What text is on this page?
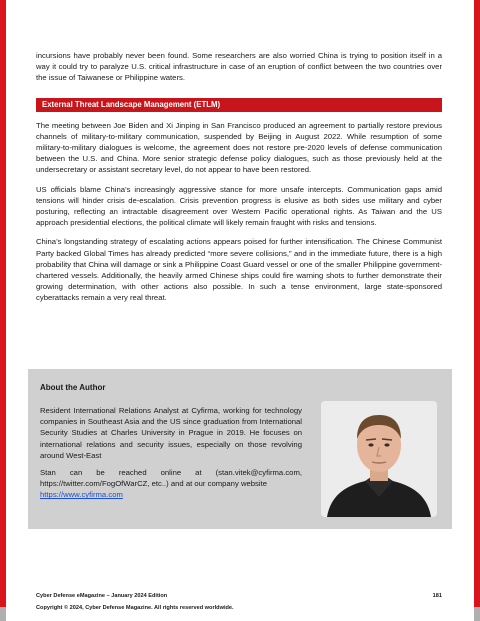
incursions have probably never been found. Some researchers are also worried China is trying to position itself in a way it could try to paralyze U.S. critical infrastructure in case of an eruption of conflict between the two countries over the issue of Taiwanese or Philippine waters.

External Threat Landscape Management (ETLM)

The meeting between Joe Biden and Xi Jinping in San Francisco produced an agreement to partially restore previous channels of military-to-military communication, suspended by Beijing in August 2022. While resumption of some military-to-military dialogues is welcome, the agreement does not restore pre-2020 levels of defense communication between the U.S. and China. More senior strategic defense policy dialogues, such as those previously held at the undersecretary or assistant secretary level, do not appear to have been restored.

US officials blame China’s increasingly aggressive stance for more unsafe intercepts. Communication gaps amid tensions will hinder crisis de-escalation. Crisis prevention progress is elusive as both sides use military and cyber posturing, reflecting an intractable disagreement over Western Pacific operational rights. As Taiwan and the US approach presidential elections, the political climate will likely remain fraught with risks and tensions.

China’s longstanding strategy of escalating actions appears poised for further intensification. The Chinese Communist Party backed Global Times has already predicted “more severe collisions,” and in the immediate future, there is a high probability that China will damage or sink a Philippine Coast Guard vessel or one of the smaller Philippine government-chartered vessels. Additionally, the heavily armed Chinese ships could fire warning shots to further demonstrate their growing determination, with other actions also possible. In such a tense environment, large state-sponsored cyberattacks remain a very real threat.

About the Author

Resident International Relations Analyst at Cyfirma, working for technology companies in Southeast Asia and the US since graduation from International Security Studies at Charles University in Prague in 2019. He focuses on international relations and security issues, especially on those revolving around West-East

Stan can be reached online at (stan.vitek@cyfirma.com, https://twitter.com/FogOfWarCZ, etc..) and at our company website
https://www.cyfirma.com

Cyber Defense eMagazine – January 2024 Edition	181
Copyright © 2024, Cyber Defense Magazine. All rights reserved worldwide.
